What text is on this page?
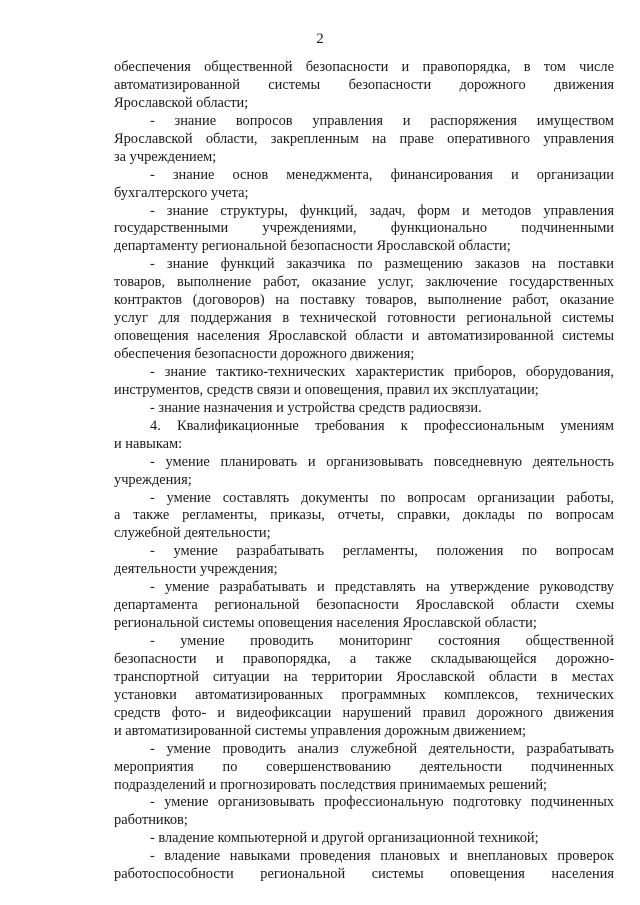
2
обеспечения общественной безопасности и правопорядка, в том числе
автоматизированной системы безопасности дорожного движения
Ярославской области;
- знание вопросов управления и распоряжения имуществом
Ярославской области, закрепленным на праве оперативного управления
за учреждением;
- знание основ менеджмента, финансирования и организации
бухгалтерского учета;
- знание структуры, функций, задач, форм и методов управления
государственными учреждениями, функционально подчиненными
департаменту региональной безопасности Ярославской области;
- знание функций заказчика по размещению заказов на поставки
товаров, выполнение работ, оказание услуг, заключение государственных
контрактов (договоров) на поставку товаров, выполнение работ, оказание
услуг для поддержания в технической готовности региональной системы
оповещения населения Ярославской области и автоматизированной системы
обеспечения безопасности дорожного движения;
- знание тактико-технических характеристик приборов, оборудования,
инструментов, средств связи и оповещения, правил их эксплуатации;
- знание назначения и устройства средств радиосвязи.
4. Квалификационные требования к профессиональным умениям
и навыкам:
- умение планировать и организовывать повседневную деятельность
учреждения;
- умение составлять документы по вопросам организации работы,
а также регламенты, приказы, отчеты, справки, доклады по вопросам
служебной деятельности;
- умение разрабатывать регламенты, положения по вопросам
деятельности учреждения;
- умение разрабатывать и представлять на утверждение руководству
департамента региональной безопасности Ярославской области схемы
региональной системы оповещения населения Ярославской области;
- умение проводить мониторинг состояния общественной
безопасности и правопорядка, а также складывающейся дорожно-
транспортной ситуации на территории Ярославской области в местах
установки автоматизированных программных комплексов, технических
средств фото- и видеофиксации нарушений правил дорожного движения
и автоматизированной системы управления дорожным движением;
- умение проводить анализ служебной деятельности, разрабатывать
мероприятия по совершенствованию деятельности подчиненных
подразделений и прогнозировать последствия принимаемых решений;
- умение организовывать профессиональную подготовку подчиненных
работников;
- владение компьютерной и другой организационной техникой;
- владение навыками проведения плановых и внеплановых проверок
работоспособности региональной системы оповещения населения
